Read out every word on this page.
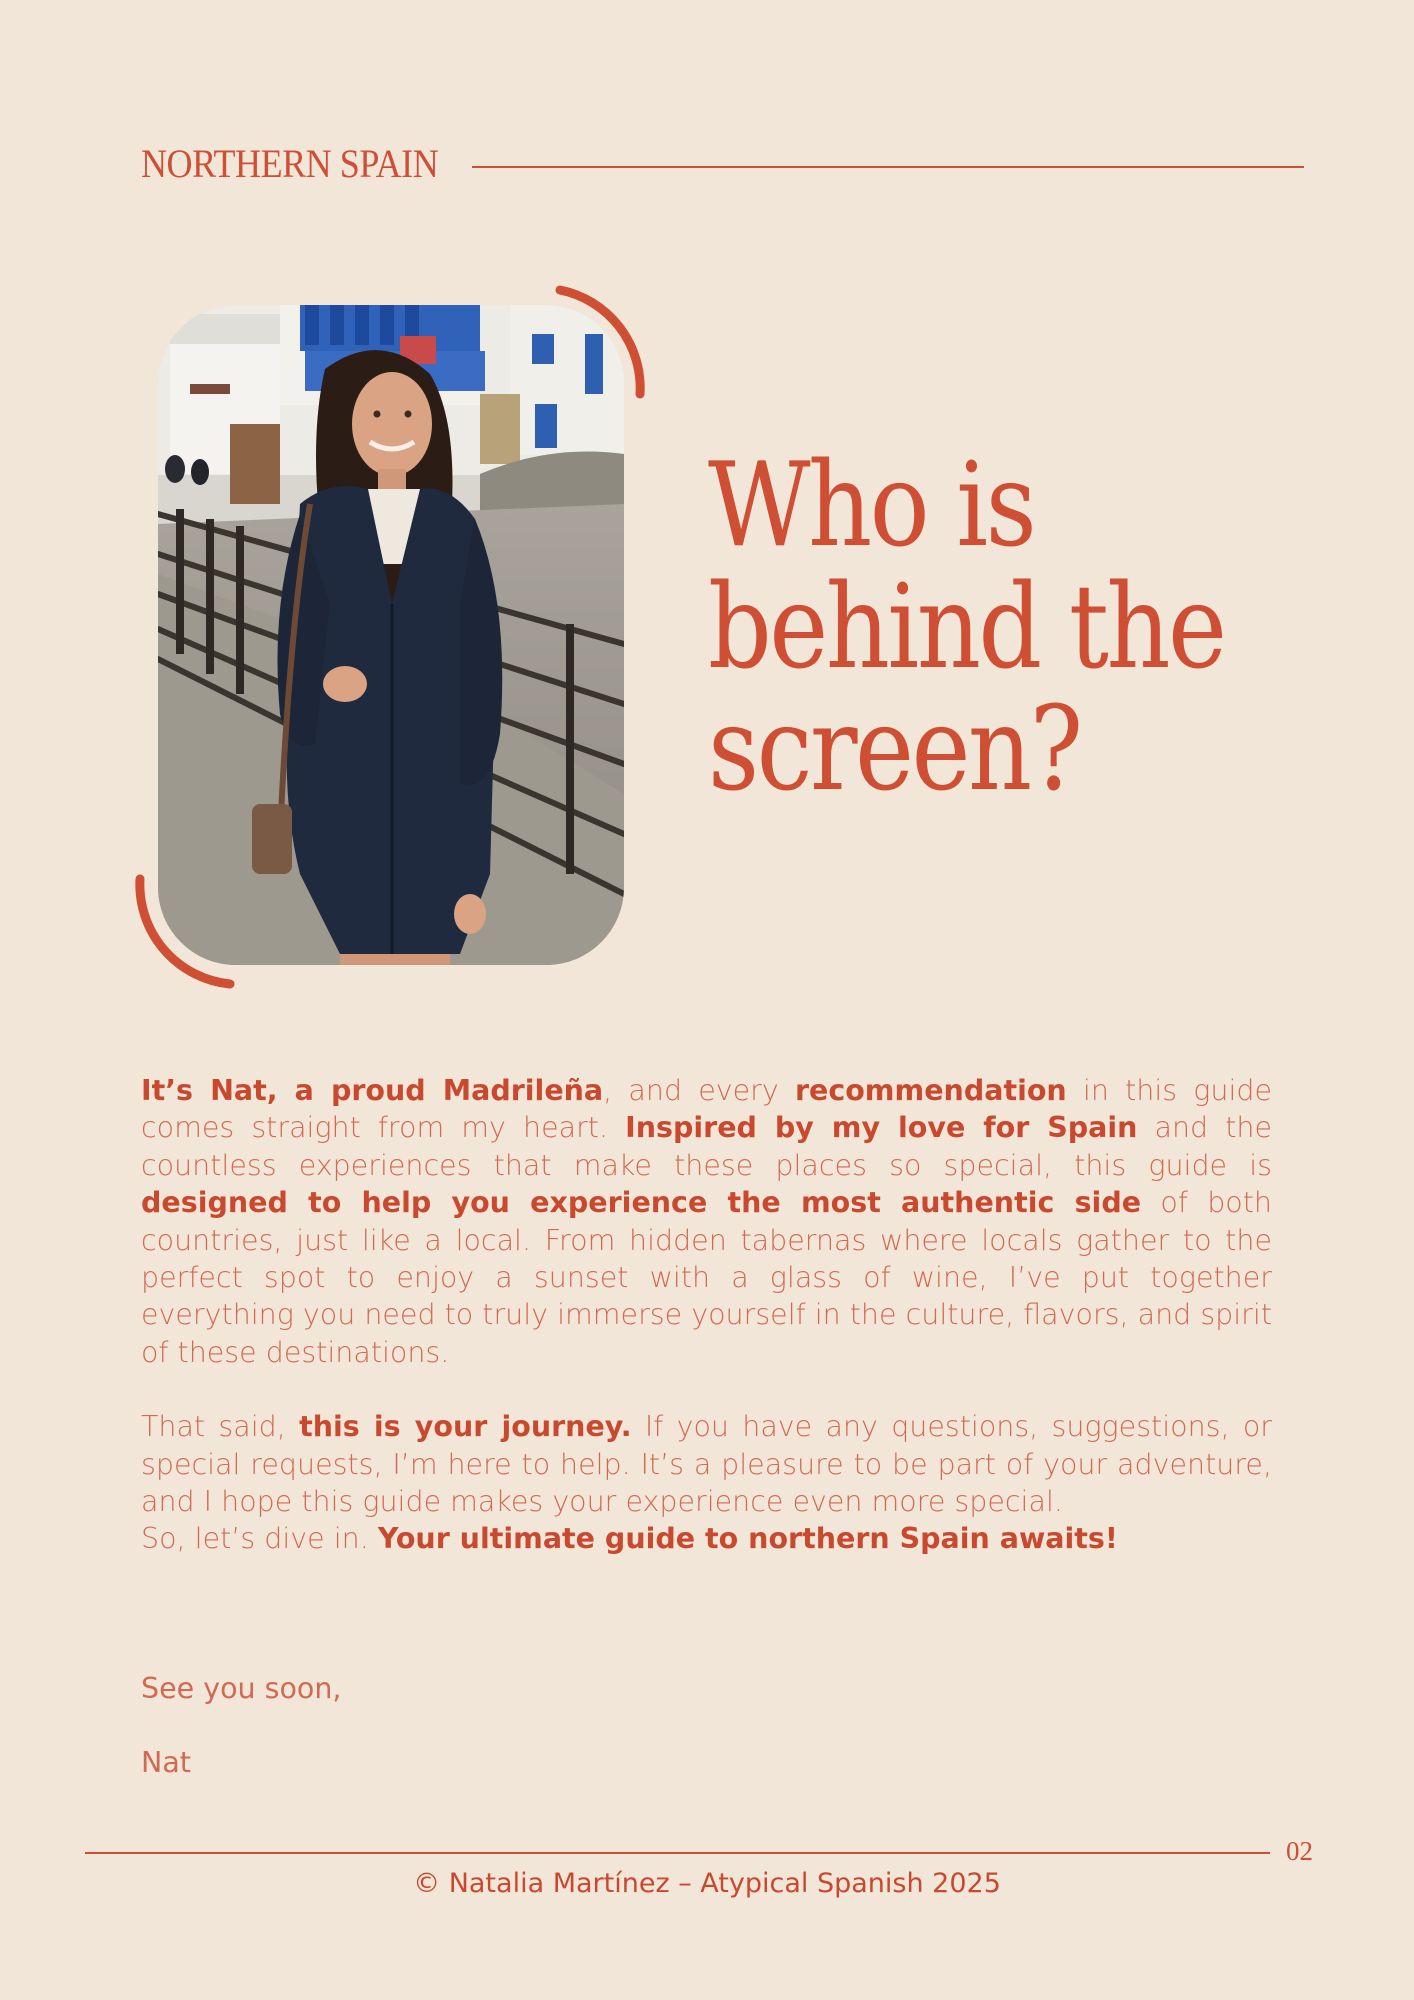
NORTHERN SPAIN
Who is
behind the
screen?

It’s Nat, a proud Madrileña, and every recommendation in this guide comes straight from my heart. Inspired by my love for Spain and the countless experiences that make these places so special, this guide is designed to help you experience the most authentic side of both countries, just like a local. From hidden tabernas where locals gather to the perfect spot to enjoy a sunset with a glass of wine, I’ve put together everything you need to truly immerse yourself in the culture, flavors, and spirit of these destinations.

That said, this is your journey. If you have any questions, suggestions, or special requests, I’m here to help. It’s a pleasure to be part of your adventure, and I hope this guide makes your experience even more special.
So, let’s dive in. Your ultimate guide to northern Spain awaits!

See you soon,
Nat
02
© Natalia Martínez – Atypical Spanish 2025
